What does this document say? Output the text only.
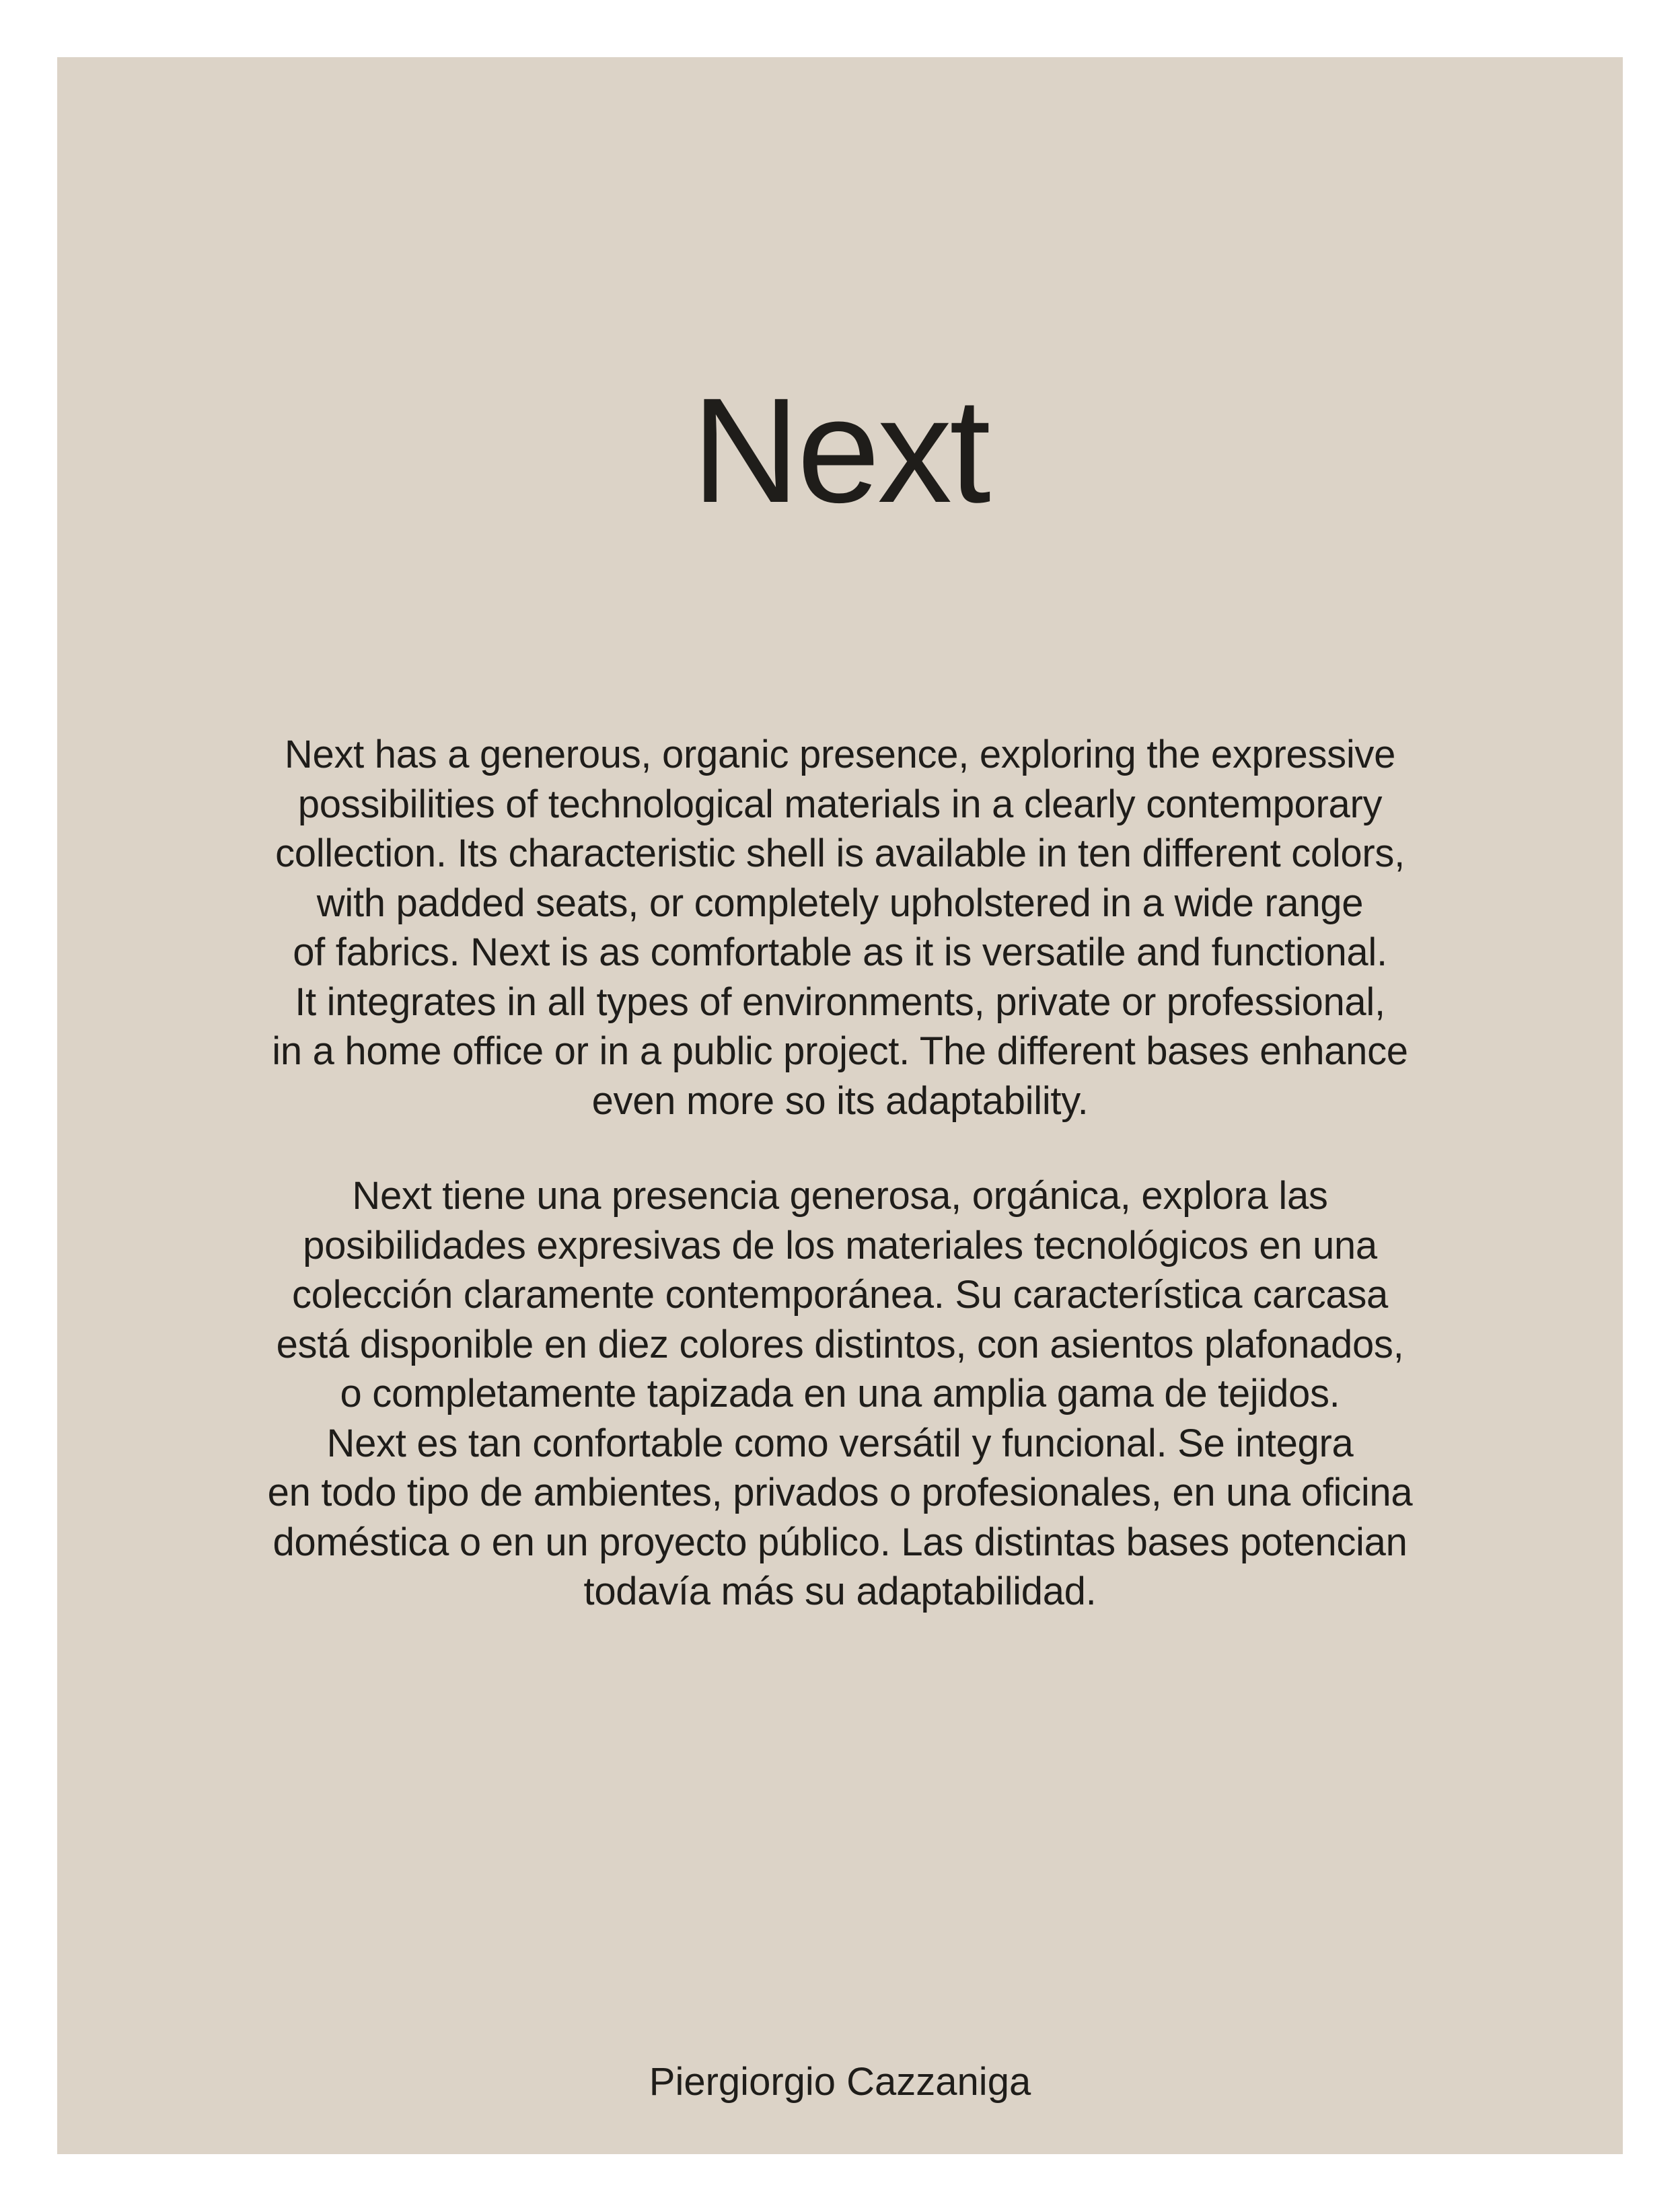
Next

Next has a generous, organic presence, exploring the expressive
possibilities of technological materials in a clearly contemporary
collection. Its characteristic shell is available in ten different colors,
with padded seats, or completely upholstered in a wide range
of fabrics. Next is as comfortable as it is versatile and functional.
It integrates in all types of environments, private or professional,
in a home office or in a public project. The different bases enhance
even more so its adaptability.

Next tiene una presencia generosa, orgánica, explora las
posibilidades expresivas de los materiales tecnológicos en una
colección claramente contemporánea. Su característica carcasa
está disponible en diez colores distintos, con asientos plafonados,
o completamente tapizada en una amplia gama de tejidos.
Next es tan confortable como versátil y funcional. Se integra
en todo tipo de ambientes, privados o profesionales, en una oficina
doméstica o en un proyecto público. Las distintas bases potencian
todavía más su adaptabilidad.

Piergiorgio Cazzaniga
